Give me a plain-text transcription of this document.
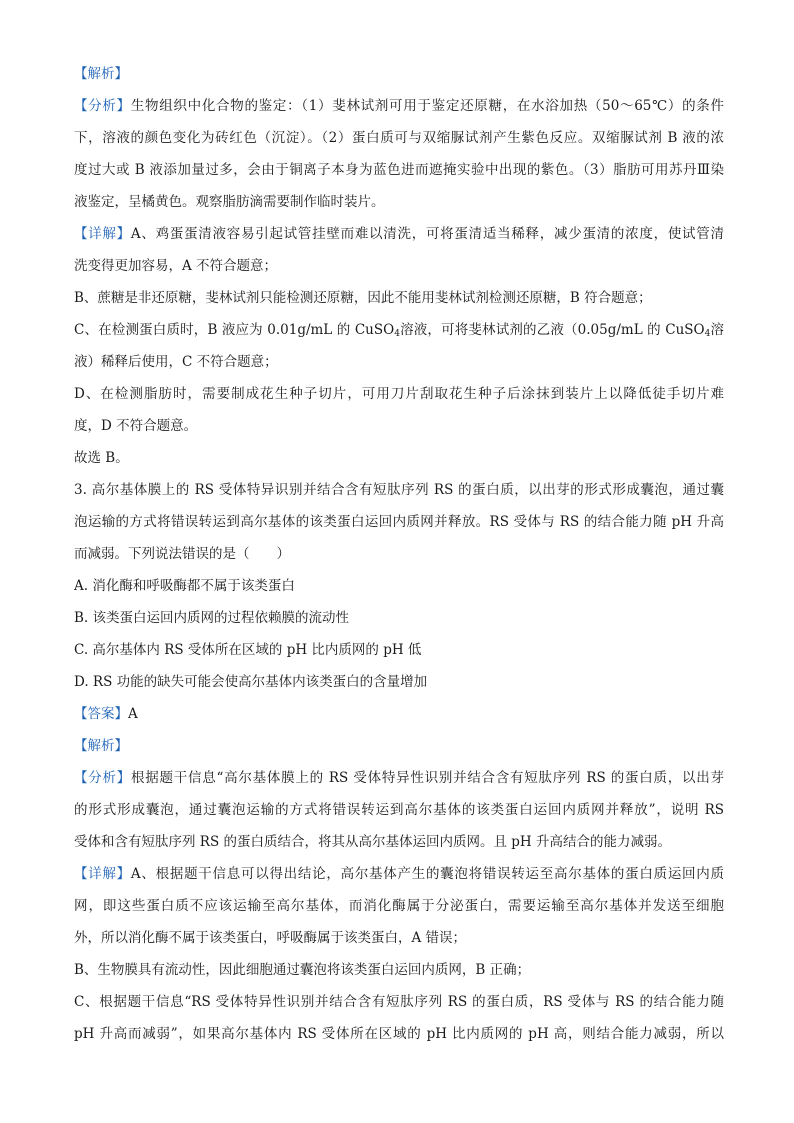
【解析】
【分析】生物组织中化合物的鉴定：（1）斐林试剂可用于鉴定还原糖，在水浴加热（50～65℃）的条件
下，溶液的颜色变化为砖红色（沉淀）。（2）蛋白质可与双缩脲试剂产生紫色反应。双缩脲试剂 B 液的浓
度过大或 B 液添加量过多，会由于铜离子本身为蓝色进而遮掩实验中出现的紫色。（3）脂肪可用苏丹Ⅲ染
液鉴定，呈橘黄色。观察脂肪滴需要制作临时装片。
【详解】A、鸡蛋蛋清液容易引起试管挂壁而难以清洗，可将蛋清适当稀释，减少蛋清的浓度，使试管清
洗变得更加容易，A 不符合题意；
B、蔗糖是非还原糖，斐林试剂只能检测还原糖，因此不能用斐林试剂检测还原糖，B 符合题意；
C、在检测蛋白质时，B 液应为 0.01g/mL 的 CuSO$_4$溶液，可将斐林试剂的乙液（0.05g/mL 的 CuSO$_4$溶
液）稀释后使用，C 不符合题意；
D、在检测脂肪时，需要制成花生种子切片，可用刀片刮取花生种子后涂抹到装片上以降低徒手切片难
度，D 不符合题意。
故选 B。
3. 高尔基体膜上的 RS 受体特异识别并结合含有短肽序列 RS 的蛋白质，以出芽的形式形成囊泡，通过囊
泡运输的方式将错误转运到高尔基体的该类蛋白运回内质网并释放。RS 受体与 RS 的结合能力随 pH 升高
而减弱。下列说法错误的是（　　）
A. 消化酶和呼吸酶都不属于该类蛋白
B. 该类蛋白运回内质网的过程依赖膜的流动性
C. 高尔基体内 RS 受体所在区域的 pH 比内质网的 pH 低
D. RS 功能的缺失可能会使高尔基体内该类蛋白的含量增加
【答案】A
【解析】
【分析】根据题干信息“高尔基体膜上的 RS 受体特异性识别并结合含有短肽序列 RS 的蛋白质，以出芽
的形式形成囊泡，通过囊泡运输的方式将错误转运到高尔基体的该类蛋白运回内质网并释放”，说明 RS
受体和含有短肽序列 RS 的蛋白质结合，将其从高尔基体运回内质网。且 pH 升高结合的能力减弱。
【详解】A、根据题干信息可以得出结论，高尔基体产生的囊泡将错误转运至高尔基体的蛋白质运回内质
网，即这些蛋白质不应该运输至高尔基体，而消化酶属于分泌蛋白，需要运输至高尔基体并发送至细胞
外，所以消化酶不属于该类蛋白，呼吸酶属于该类蛋白，A 错误；
B、生物膜具有流动性，因此细胞通过囊泡将该类蛋白运回内质网，B 正确；
C、根据题干信息“RS 受体特异性识别并结合含有短肽序列 RS 的蛋白质，RS 受体与 RS 的结合能力随
pH 升高而减弱”，如果高尔基体内 RS 受体所在区域的 pH 比内质网的 pH 高，则结合能力减弱，所以
